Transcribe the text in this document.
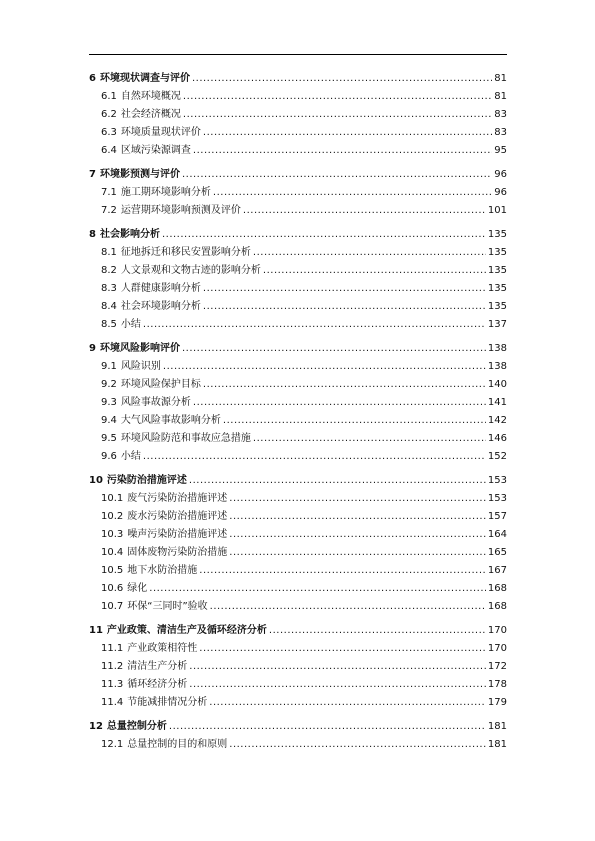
6 环境现状调查与评价 .....	81
6.1 自然环境概况 .....	81
6.2 社会经济概况 .....	83
6.3 环境质量现状评价 .....	83
6.4 区域污染源调查 .....	95
7 环境影预测与评价 .....	96
7.1 施工期环境影响分析 .....	96
7.2 运营期环境影响预测及评价 .....	101
8 社会影响分析 .....	135
8.1 征地拆迁和移民安置影响分析 .....	135
8.2 人文景观和文物古迹的影响分析 .....	135
8.3 人群健康影响分析 .....	135
8.4 社会环境影响分析 .....	135
8.5 小结 .....	137
9 环境风险影响评价 .....	138
9.1 风险识别 .....	138
9.2 环境风险保护目标 .....	140
9.3 风险事故源分析 .....	141
9.4 大气风险事故影响分析 .....	142
9.5 环境风险防范和事故应急措施 .....	146
9.6 小结 .....	152
10 污染防治措施评述 .....	153
10.1 废气污染防治措施评述 .....	153
10.2 废水污染防治措施评述 .....	157
10.3 噪声污染防治措施评述 .....	164
10.4 固体废物污染防治措施 .....	165
10.5 地下水防治措施 .....	167
10.6 绿化 .....	168
10.7 环保“三同时”验收 .....	168
11 产业政策、清洁生产及循环经济分析 .....	170
11.1 产业政策相符性 .....	170
11.2 清洁生产分析 .....	172
11.3 循环经济分析 .....	178
11.4 节能减排情况分析 .....	179
12 总量控制分析 .....	181
12.1 总量控制的目的和原则 .....	181
